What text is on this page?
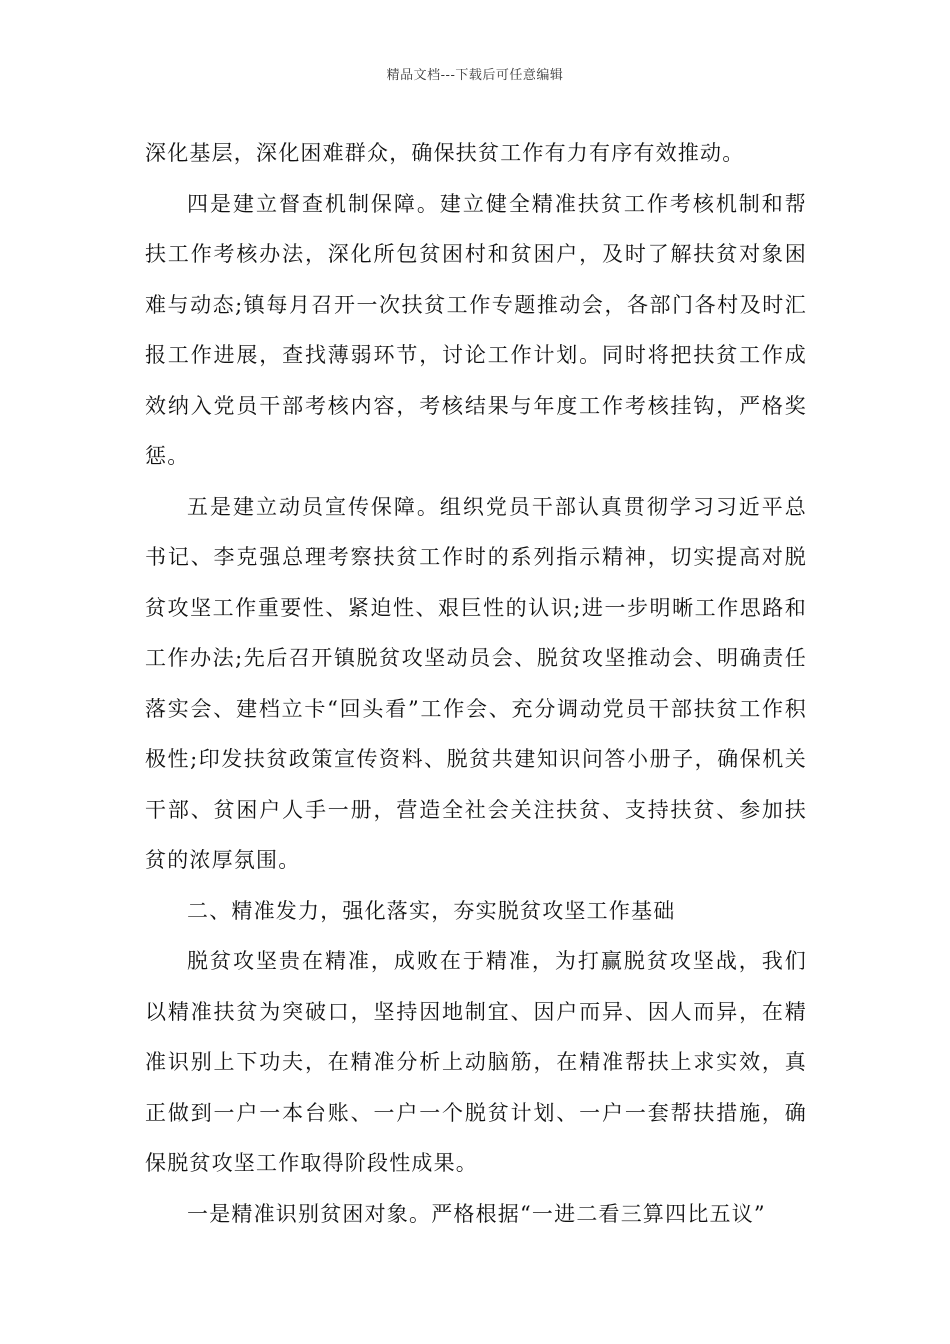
精品文档---下载后可任意编辑

深化基层，深化困难群众，确保扶贫工作有力有序有效推动。

四是建立督查机制保障。建立健全精准扶贫工作考核机制和帮扶工作考核办法，深化所包贫困村和贫困户，及时了解扶贫对象困难与动态;镇每月召开一次扶贫工作专题推动会，各部门各村及时汇报工作进展，查找薄弱环节，讨论工作计划。同时将把扶贫工作成效纳入党员干部考核内容，考核结果与年度工作考核挂钩，严格奖惩。

五是建立动员宣传保障。组织党员干部认真贯彻学习习近平总书记、李克强总理考察扶贫工作时的系列指示精神，切实提高对脱贫攻坚工作重要性、紧迫性、艰巨性的认识;进一步明晰工作思路和工作办法;先后召开镇脱贫攻坚动员会、脱贫攻坚推动会、明确责任落实会、建档立卡“回头看”工作会、充分调动党员干部扶贫工作积极性;印发扶贫政策宣传资料、脱贫共建知识问答小册子，确保机关干部、贫困户人手一册，营造全社会关注扶贫、支持扶贫、参加扶贫的浓厚氛围。

二、精准发力，强化落实，夯实脱贫攻坚工作基础

脱贫攻坚贵在精准，成败在于精准，为打赢脱贫攻坚战，我们以精准扶贫为突破口，坚持因地制宜、因户而异、因人而异，在精准识别上下功夫，在精准分析上动脑筋，在精准帮扶上求实效，真正做到一户一本台账、一户一个脱贫计划、一户一套帮扶措施，确保脱贫攻坚工作取得阶段性成果。

一是精准识别贫困对象。严格根据“一进二看三算四比五议”
